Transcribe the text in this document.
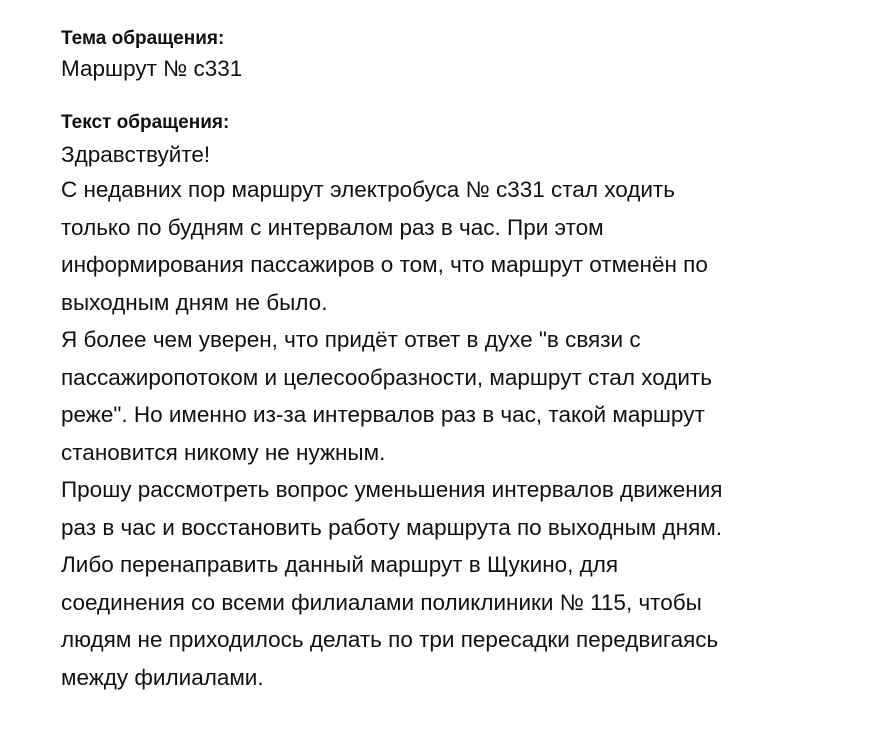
Тема обращения:
Маршрут № с331
Текст обращения:
Здравствуйте!
С недавних пор маршрут электробуса № с331 стал ходить
только по будням с интервалом раз в час. При этом
информирования пассажиров о том, что маршрут отменён по
выходным дням не было.
Я более чем уверен, что придёт ответ в духе "в связи с
пассажиропотоком и целесообразности, маршрут стал ходить
реже". Но именно из-за интервалов раз в час, такой маршрут
становится никому не нужным.
Прошу рассмотреть вопрос уменьшения интервалов движения
раз в час и восстановить работу маршрута по выходным дням.
Либо перенаправить данный маршрут в Щукино, для
соединения со всеми филиалами поликлиники № 115, чтобы
людям не приходилось делать по три пересадки передвигаясь
между филиалами.
